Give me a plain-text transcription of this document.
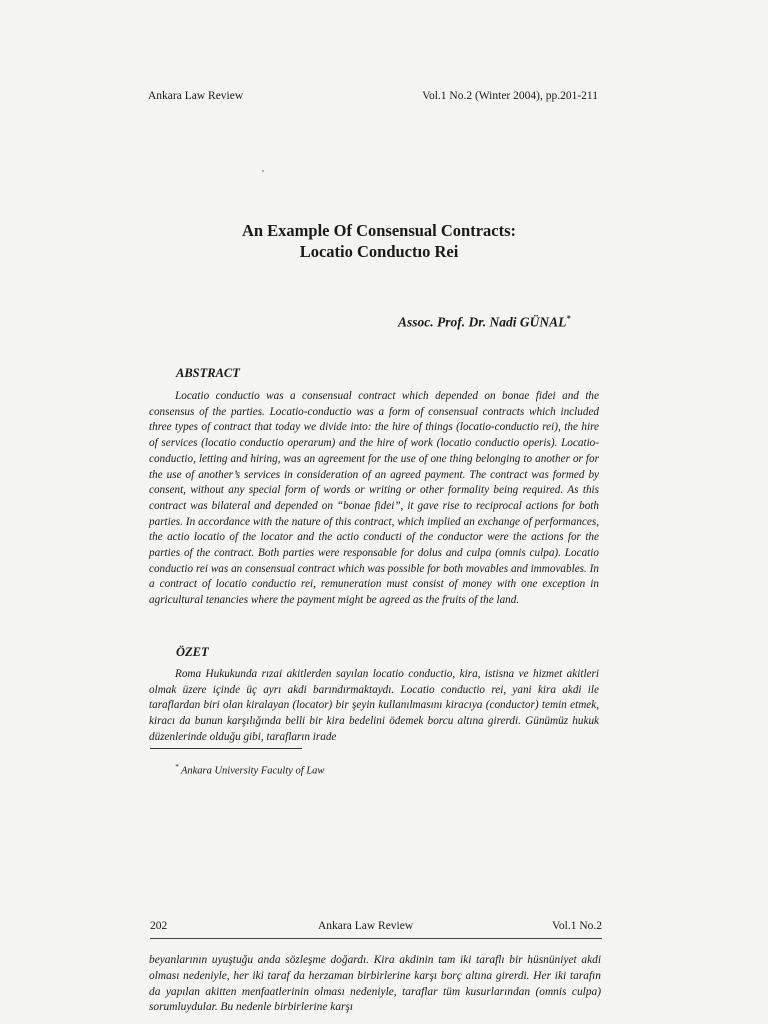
Ankara Law Review	Vol.1 No.2 (Winter 2004), pp.201-211
An Example Of Consensual Contracts:
Locatio Conductıo Rei
Assoc. Prof. Dr. Nadi GÜNAL*
ABSTRACT

Locatio conductio was a consensual contract which depended on bonae fidei and the consensus of the parties. Locatio-conductio was a form of consensual contracts which included three types of contract that today we divide into: the hire of things (locatio-conductio rei), the hire of services (locatio conductio operarum) and the hire of work (locatio conductio operis). Locatio-conductio, letting and hiring, was an agreement for the use of one thing belonging to another or for the use of another’s services in consideration of an agreed payment. The contract was formed by consent, without any special form of words or writing or other formality being required. As this contract was bilateral and depended on “bonae fidei”, it gave rise to reciprocal actions for both parties. In accordance with the nature of this contract, which implied an exchange of performances, the actio locatio of the locator and the actio conducti of the conductor were the actions for the parties of the contract. Both parties were responsable for dolus and culpa (omnis culpa). Locatio conductio rei was an consensual contract which was possible for both movables and immovables. In a contract of locatio conductio rei, remuneration must consist of money with one exception in agricultural tenancies where the payment might be agreed as the fruits of the land.

ÖZET

Roma Hukukunda rızai akitlerden sayılan locatio conductio, kira, istisna ve hizmet akitleri olmak üzere içinde üç ayrı akdi barındırmaktaydı. Locatio conductio rei, yani kira akdi ile taraflardan biri olan kiralayan (locator) bir şeyin kullanılmasını kiracıya (conductor) temin etmek, kiracı da bunun karşılığında belli bir kira bedelini ödemek borcu altına girerdi. Günümüz hukuk düzenlerinde olduğu gibi, tarafların irade

* Ankara University Faculty of Law
202	Ankara Law Review	Vol.1 No.2

beyanlarının uyuştuğu anda sözleşme doğardı. Kira akdinin tam iki taraflı bir hüsnüniyet akdi olması nedeniyle, her iki taraf da herzaman birbirlerine karşı borç altına girerdi. Her iki tarafın da yapılan akitten menfaatlerinin olması nedeniyle, taraflar tüm kusurlarından (omnis culpa) sorumluydular. Bu nedenle birbirlerine karşı
